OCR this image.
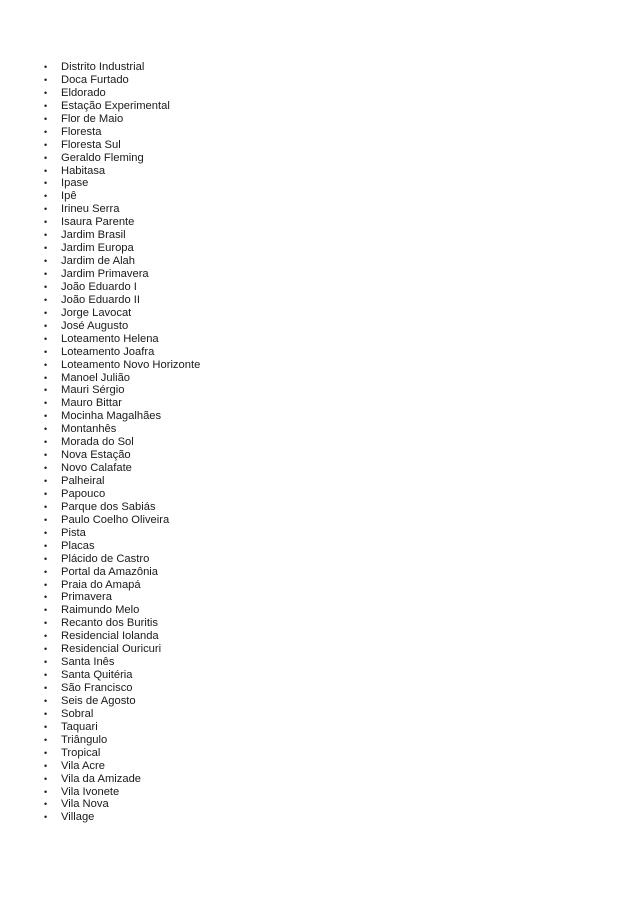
•	Distrito Industrial
•	Doca Furtado
•	Eldorado
•	Estação Experimental
•	Flor de Maio
•	Floresta
•	Floresta Sul
•	Geraldo Fleming
•	Habitasa
•	Ipase
•	Ipê
•	Irineu Serra
•	Isaura Parente
•	Jardim Brasil
•	Jardim Europa
•	Jardim de Alah
•	Jardim Primavera
•	João Eduardo I
•	João Eduardo II
•	Jorge Lavocat
•	José Augusto
•	Loteamento Helena
•	Loteamento Joafra
•	Loteamento Novo Horizonte
•	Manoel Julião
•	Mauri Sérgio
•	Mauro Bittar
•	Mocinha Magalhães
•	Montanhês
•	Morada do Sol
•	Nova Estação
•	Novo Calafate
•	Palheiral
•	Papouco
•	Parque dos Sabiás
•	Paulo Coelho Oliveira
•	Pista
•	Placas
•	Plácido de Castro
•	Portal da Amazônia
•	Praia do Amapá
•	Primavera
•	Raimundo Melo
•	Recanto dos Buritis
•	Residencial Iolanda
•	Residencial Ouricuri
•	Santa Inês
•	Santa Quitéria
•	São Francisco
•	Seis de Agosto
•	Sobral
•	Taquari
•	Triângulo
•	Tropical
•	Vila Acre
•	Vila da Amizade
•	Vila Ivonete
•	Vila Nova
•	Village
